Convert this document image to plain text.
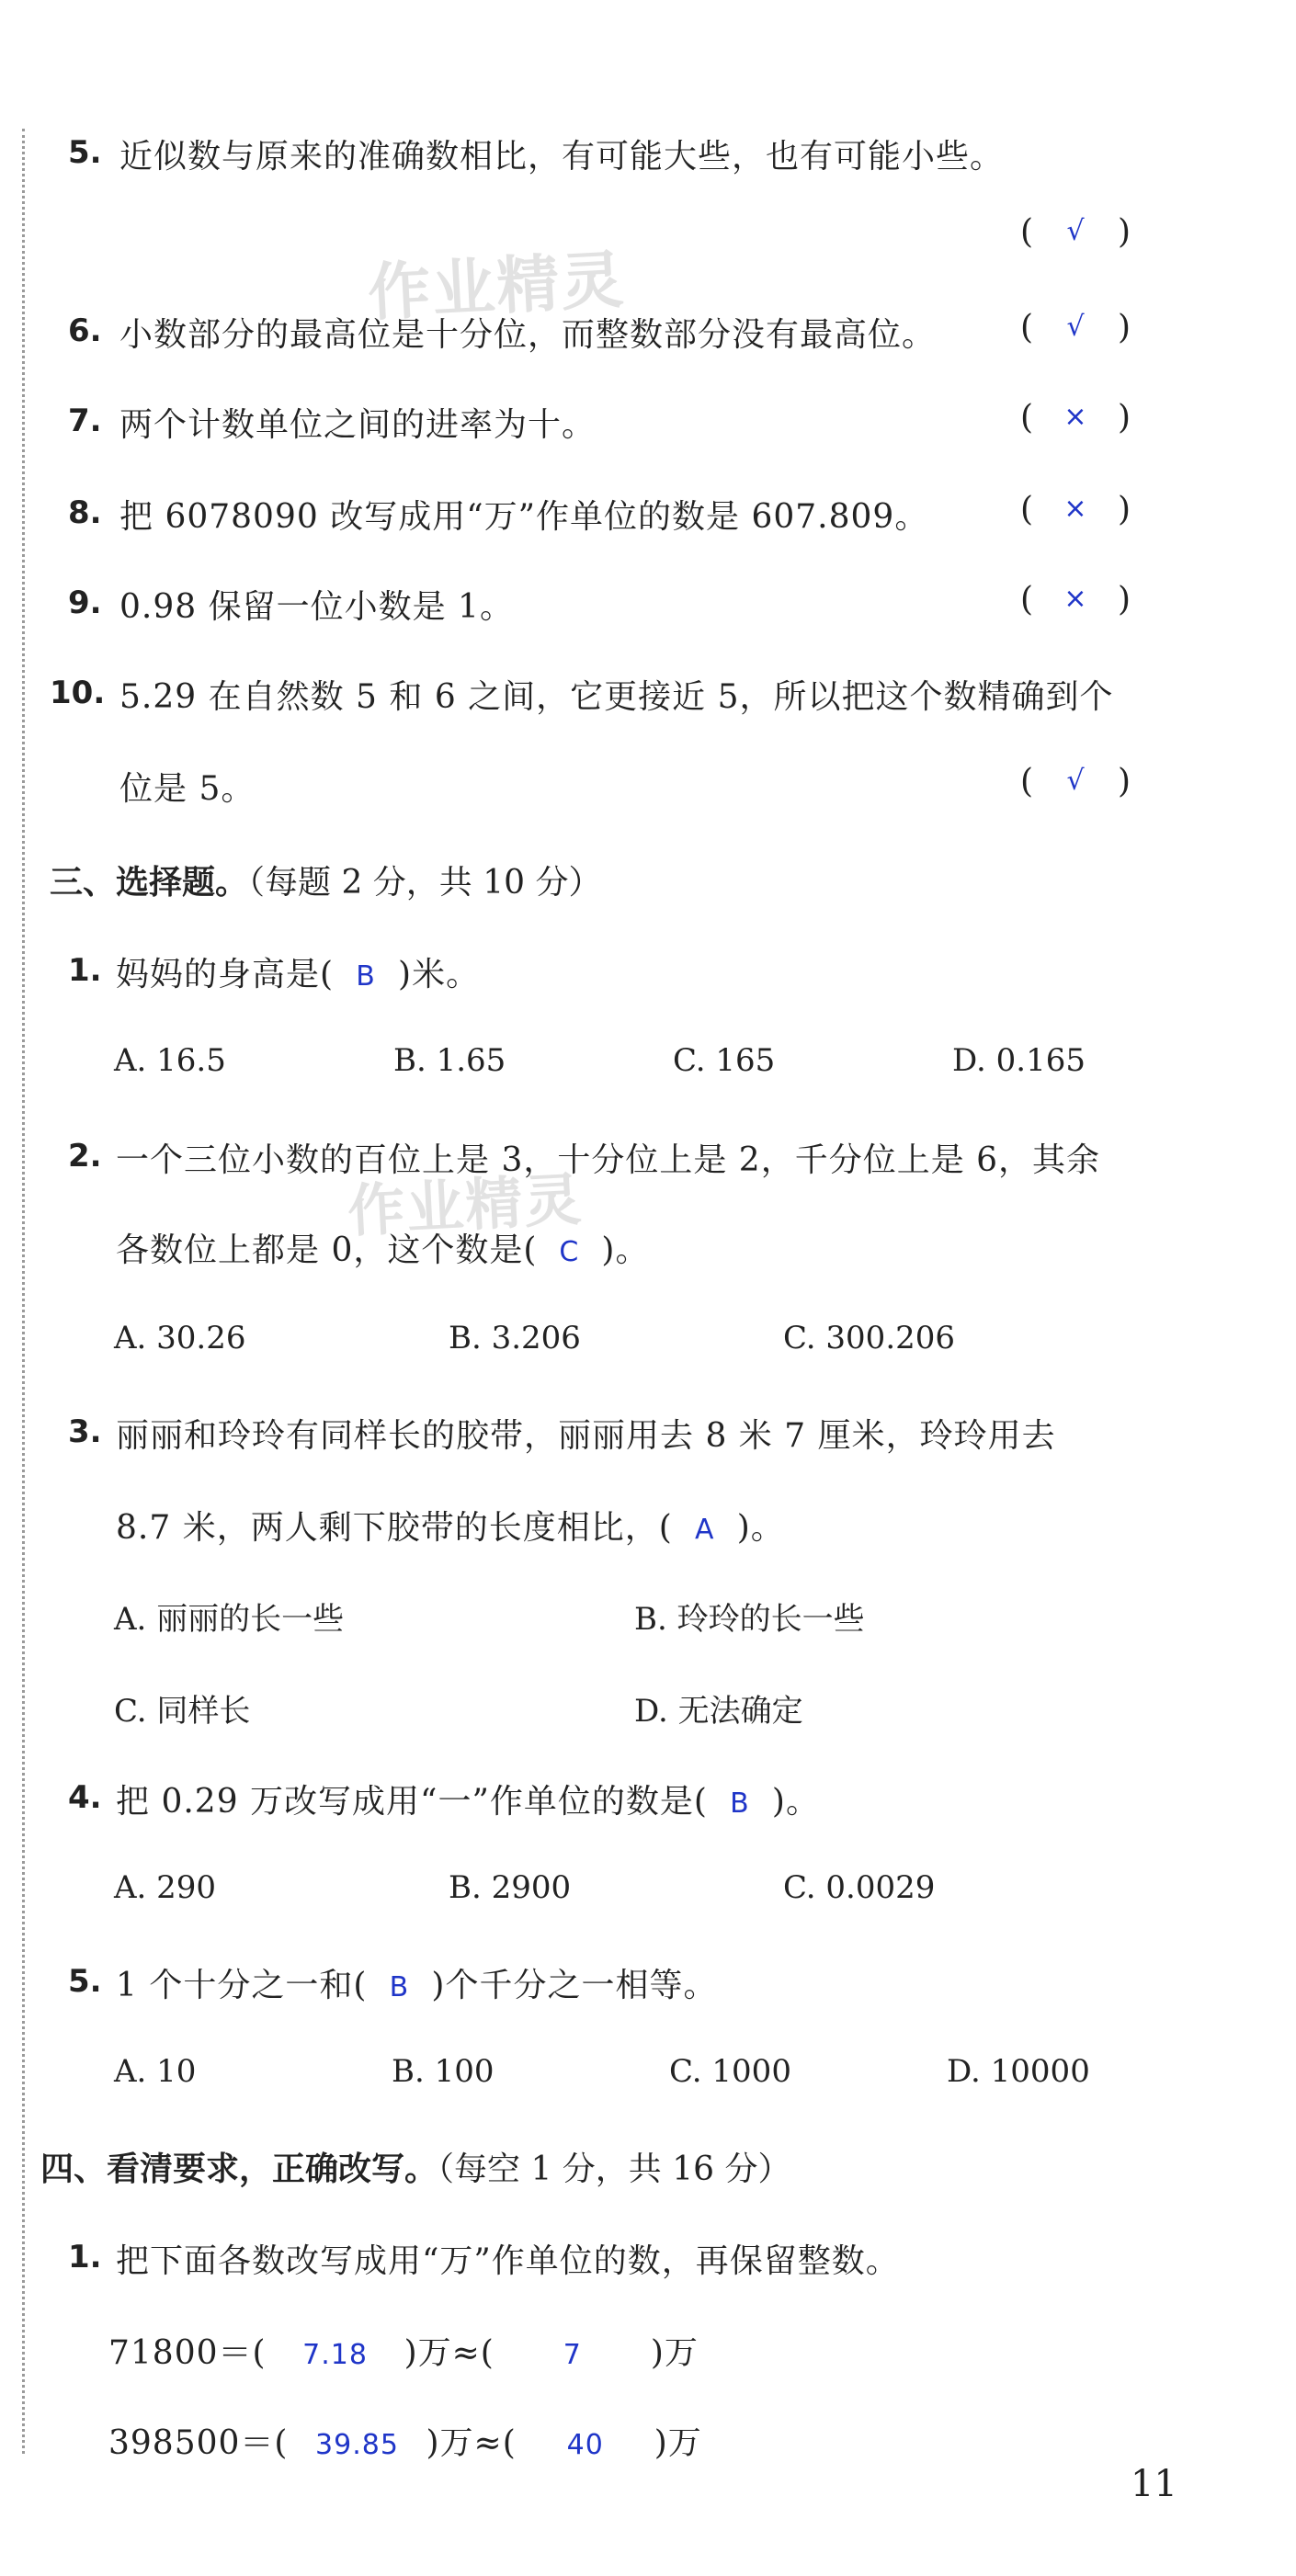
作业精灵
作业精灵
5. 近似数与原来的准确数相比，有可能大些，也有可能小些。
(	√	)
6. 小数部分的最高位是十分位，而整数部分没有最高位。	(	√	)
7. 两个计数单位之间的进率为十。	(	× )
8. 把 6078090 改写成用“万”作单位的数是 607.809。	(	× )
9. 0.98 保留一位小数是 1。	(	× )
10. 5.29 在自然数 5 和 6 之间，它更接近 5，所以把这个数精确到个
位是 5。	(	√	)
三、选择题。（每题 2 分，共 10 分）
1. 妈妈的身高是( B )米。
A. 16.5	B. 1.65	C. 165	D. 0.165
2. 一个三位小数的百位上是 3，十分位上是 2，千分位上是 6，其余
各数位上都是 0，这个数是( C )。
A. 30.26	B. 3.206	C. 300.206
3. 丽丽和玲玲有同样长的胶带，丽丽用去 8 米 7 厘米，玲玲用去
8.7 米，两人剩下胶带的长度相比，( A )。
A. 丽丽的长一些	B. 玲玲的长一些
C. 同样长	D. 无法确定
4. 把 0.29 万改写成用“一”作单位的数是( B )。
A. 290	B. 2900	C. 0.0029
5. 1 个十分之一和( B )个千分之一相等。
A. 10	B. 100	C. 1000	D. 10000
四、看清要求，正确改写。（每空 1 分，共 16 分）
1. 把下面各数改写成用“万”作单位的数，再保留整数。
71800＝( 7.18 )万≈( 7 )万
398500＝( 39.85 )万≈( 40 )万
11
